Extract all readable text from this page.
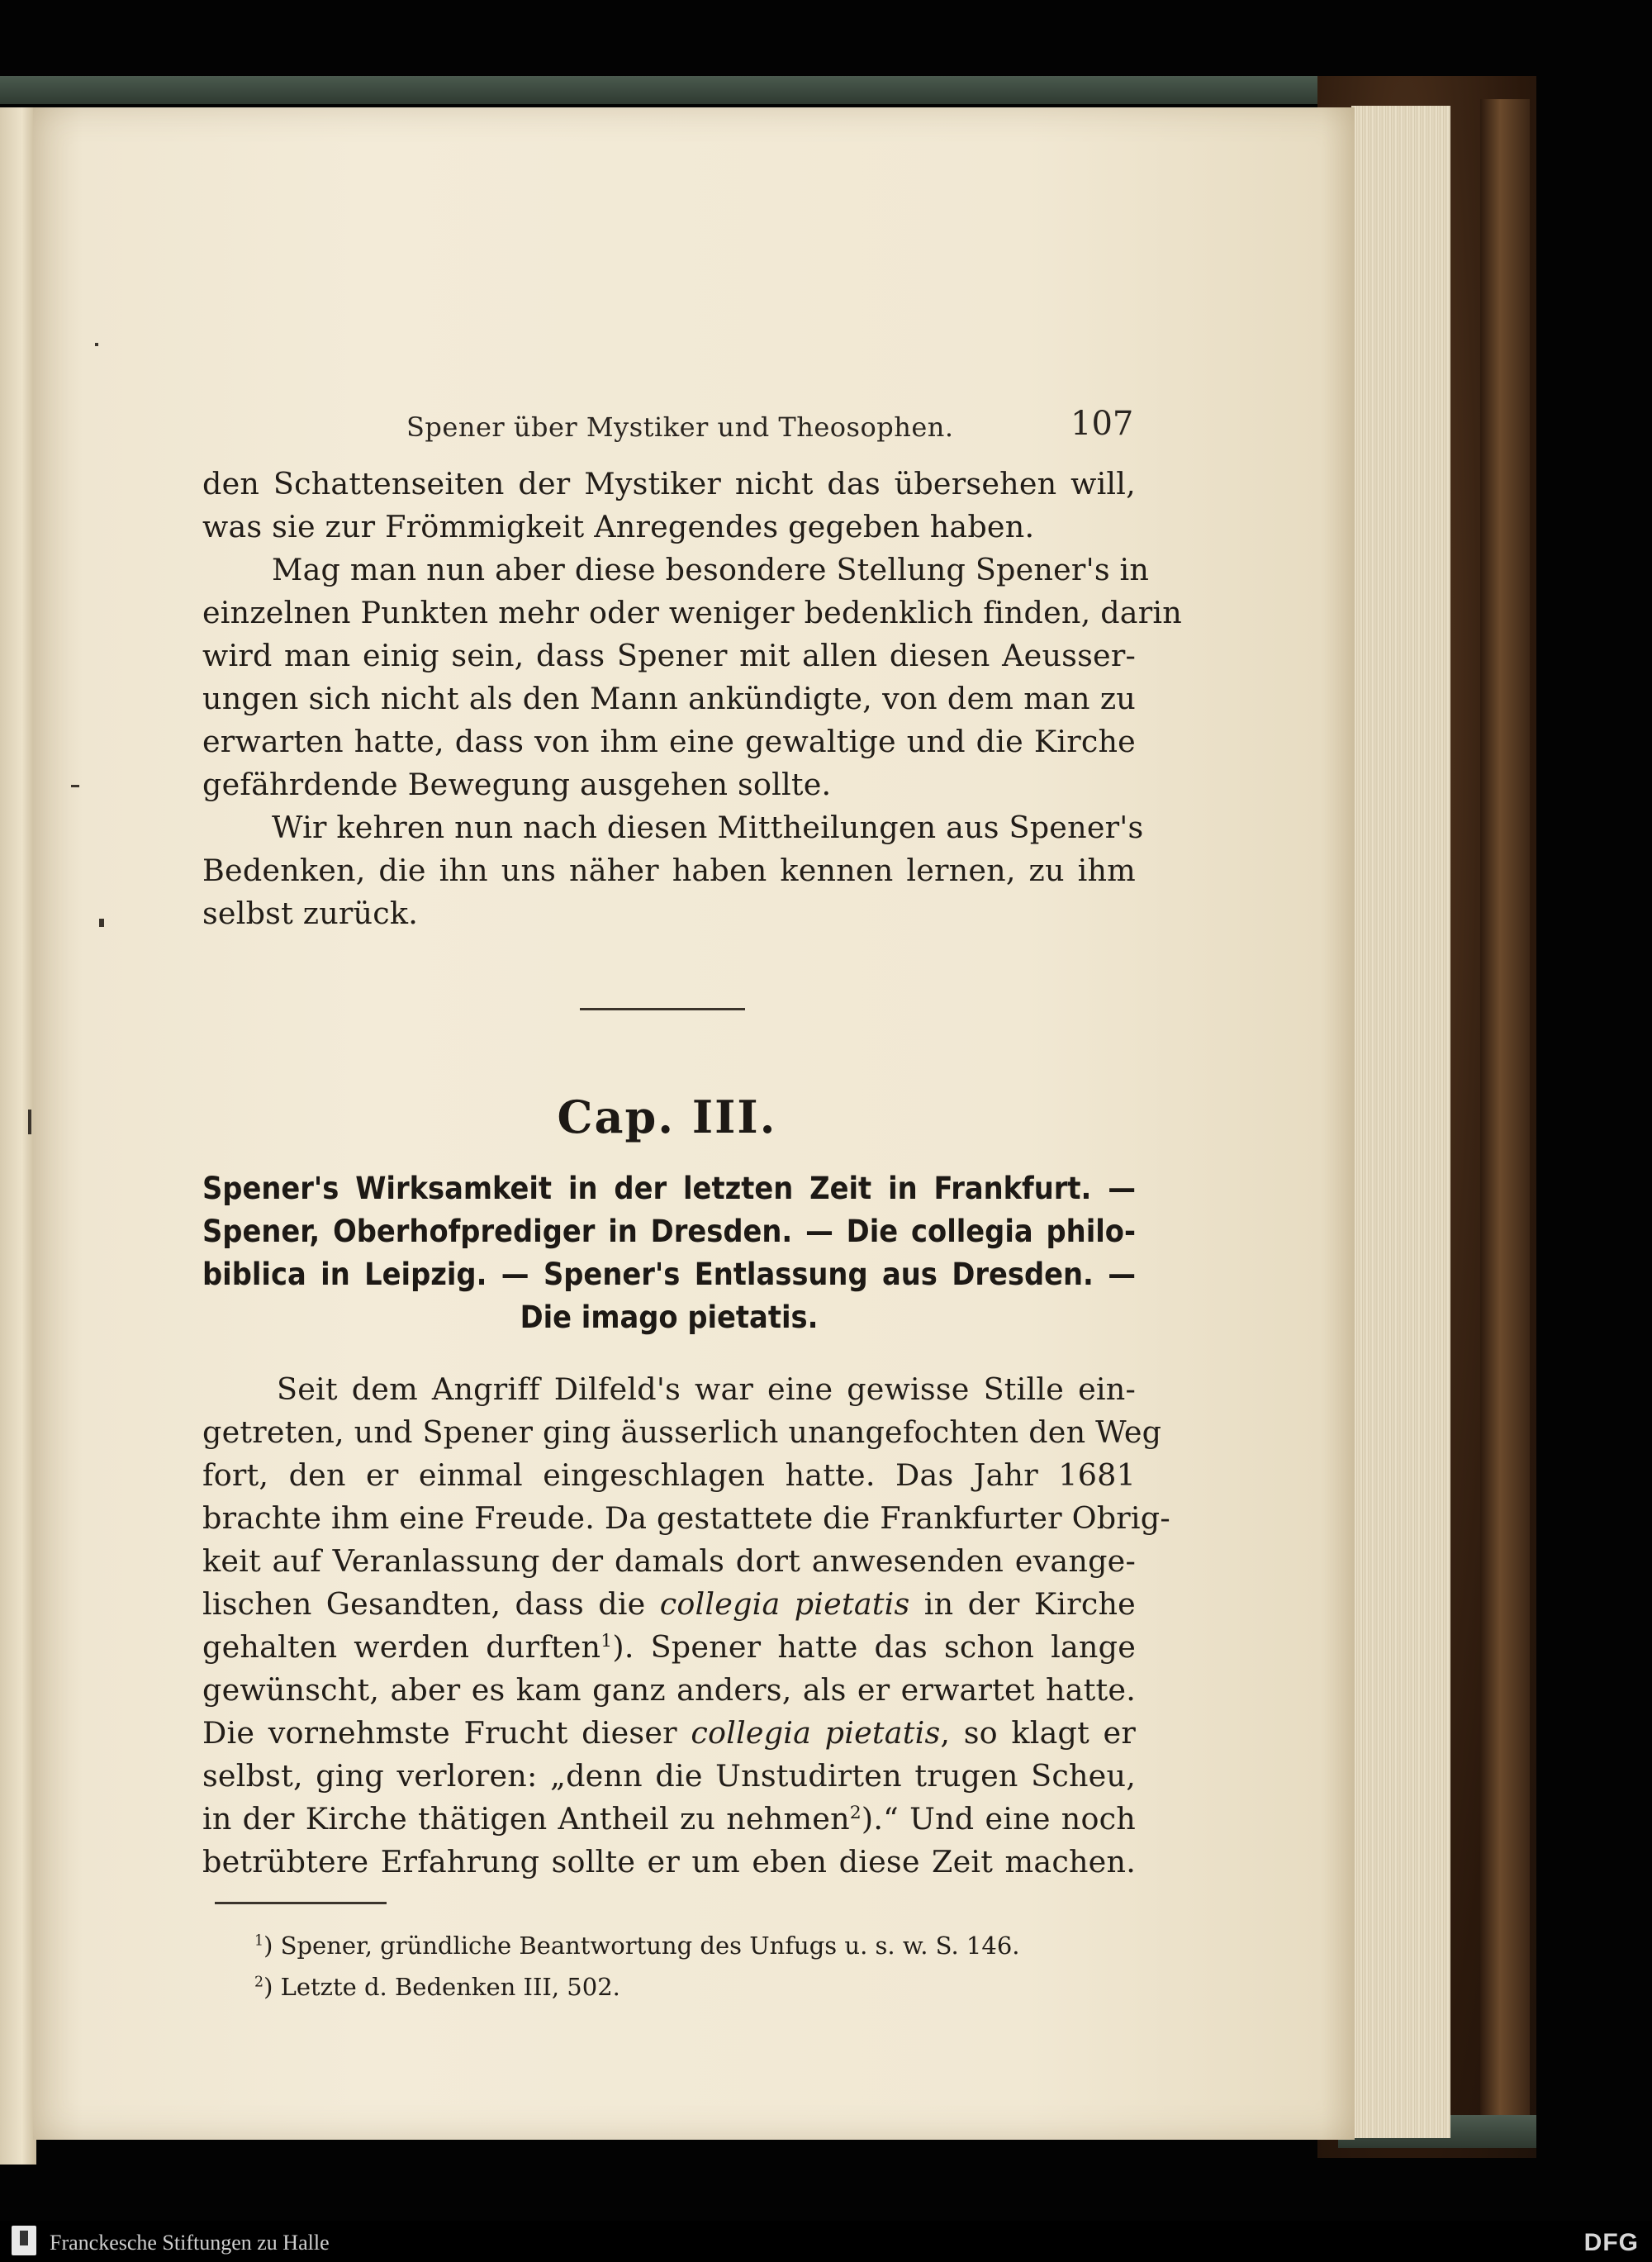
Spener über Mystiker und Theosophen.	107
den Schattenseiten der Mystiker nicht das übersehen will,
was sie zur Frömmigkeit Anregendes gegeben haben.
Mag man nun aber diese besondere Stellung Spener's in
einzelnen Punkten mehr oder weniger bedenklich finden, darin
wird man einig sein, dass Spener mit allen diesen Aeusser-
ungen sich nicht als den Mann ankündigte, von dem man zu
erwarten hatte, dass von ihm eine gewaltige und die Kirche
gefährdende Bewegung ausgehen sollte.
Wir kehren nun nach diesen Mittheilungen aus Spener's
Bedenken, die ihn uns näher haben kennen lernen, zu ihm
selbst zurück.
Cap. III.
Spener's Wirksamkeit in der letzten Zeit in Frankfurt. —
Spener, Oberhofprediger in Dresden. — Die collegia philo-
biblica in Leipzig. — Spener's Entlassung aus Dresden. —
Die imago pietatis.
Seit dem Angriff Dilfeld's war eine gewisse Stille ein-
getreten, und Spener ging äusserlich unangefochten den Weg
fort, den er einmal eingeschlagen hatte. Das Jahr 1681
brachte ihm eine Freude. Da gestattete die Frankfurter Obrig-
keit auf Veranlassung der damals dort anwesenden evange-
lischen Gesandten, dass die collegia pietatis in der Kirche
gehalten werden durften$^1$). Spener hatte das schon lange
gewünscht, aber es kam ganz anders, als er erwartet hatte.
Die vornehmste Frucht dieser collegia pietatis, so klagt er
selbst, ging verloren: „denn die Unstudirten trugen Scheu,
in der Kirche thätigen Antheil zu nehmen$^2$).“ Und eine noch
betrübtere Erfahrung sollte er um eben diese Zeit machen.
$^1$) Spener, gründliche Beantwortung des Unfugs u. s. w. S. 146.
$^2$) Letzte d. Bedenken III, 502.
Franckesche Stiftungen zu Halle	DFG
